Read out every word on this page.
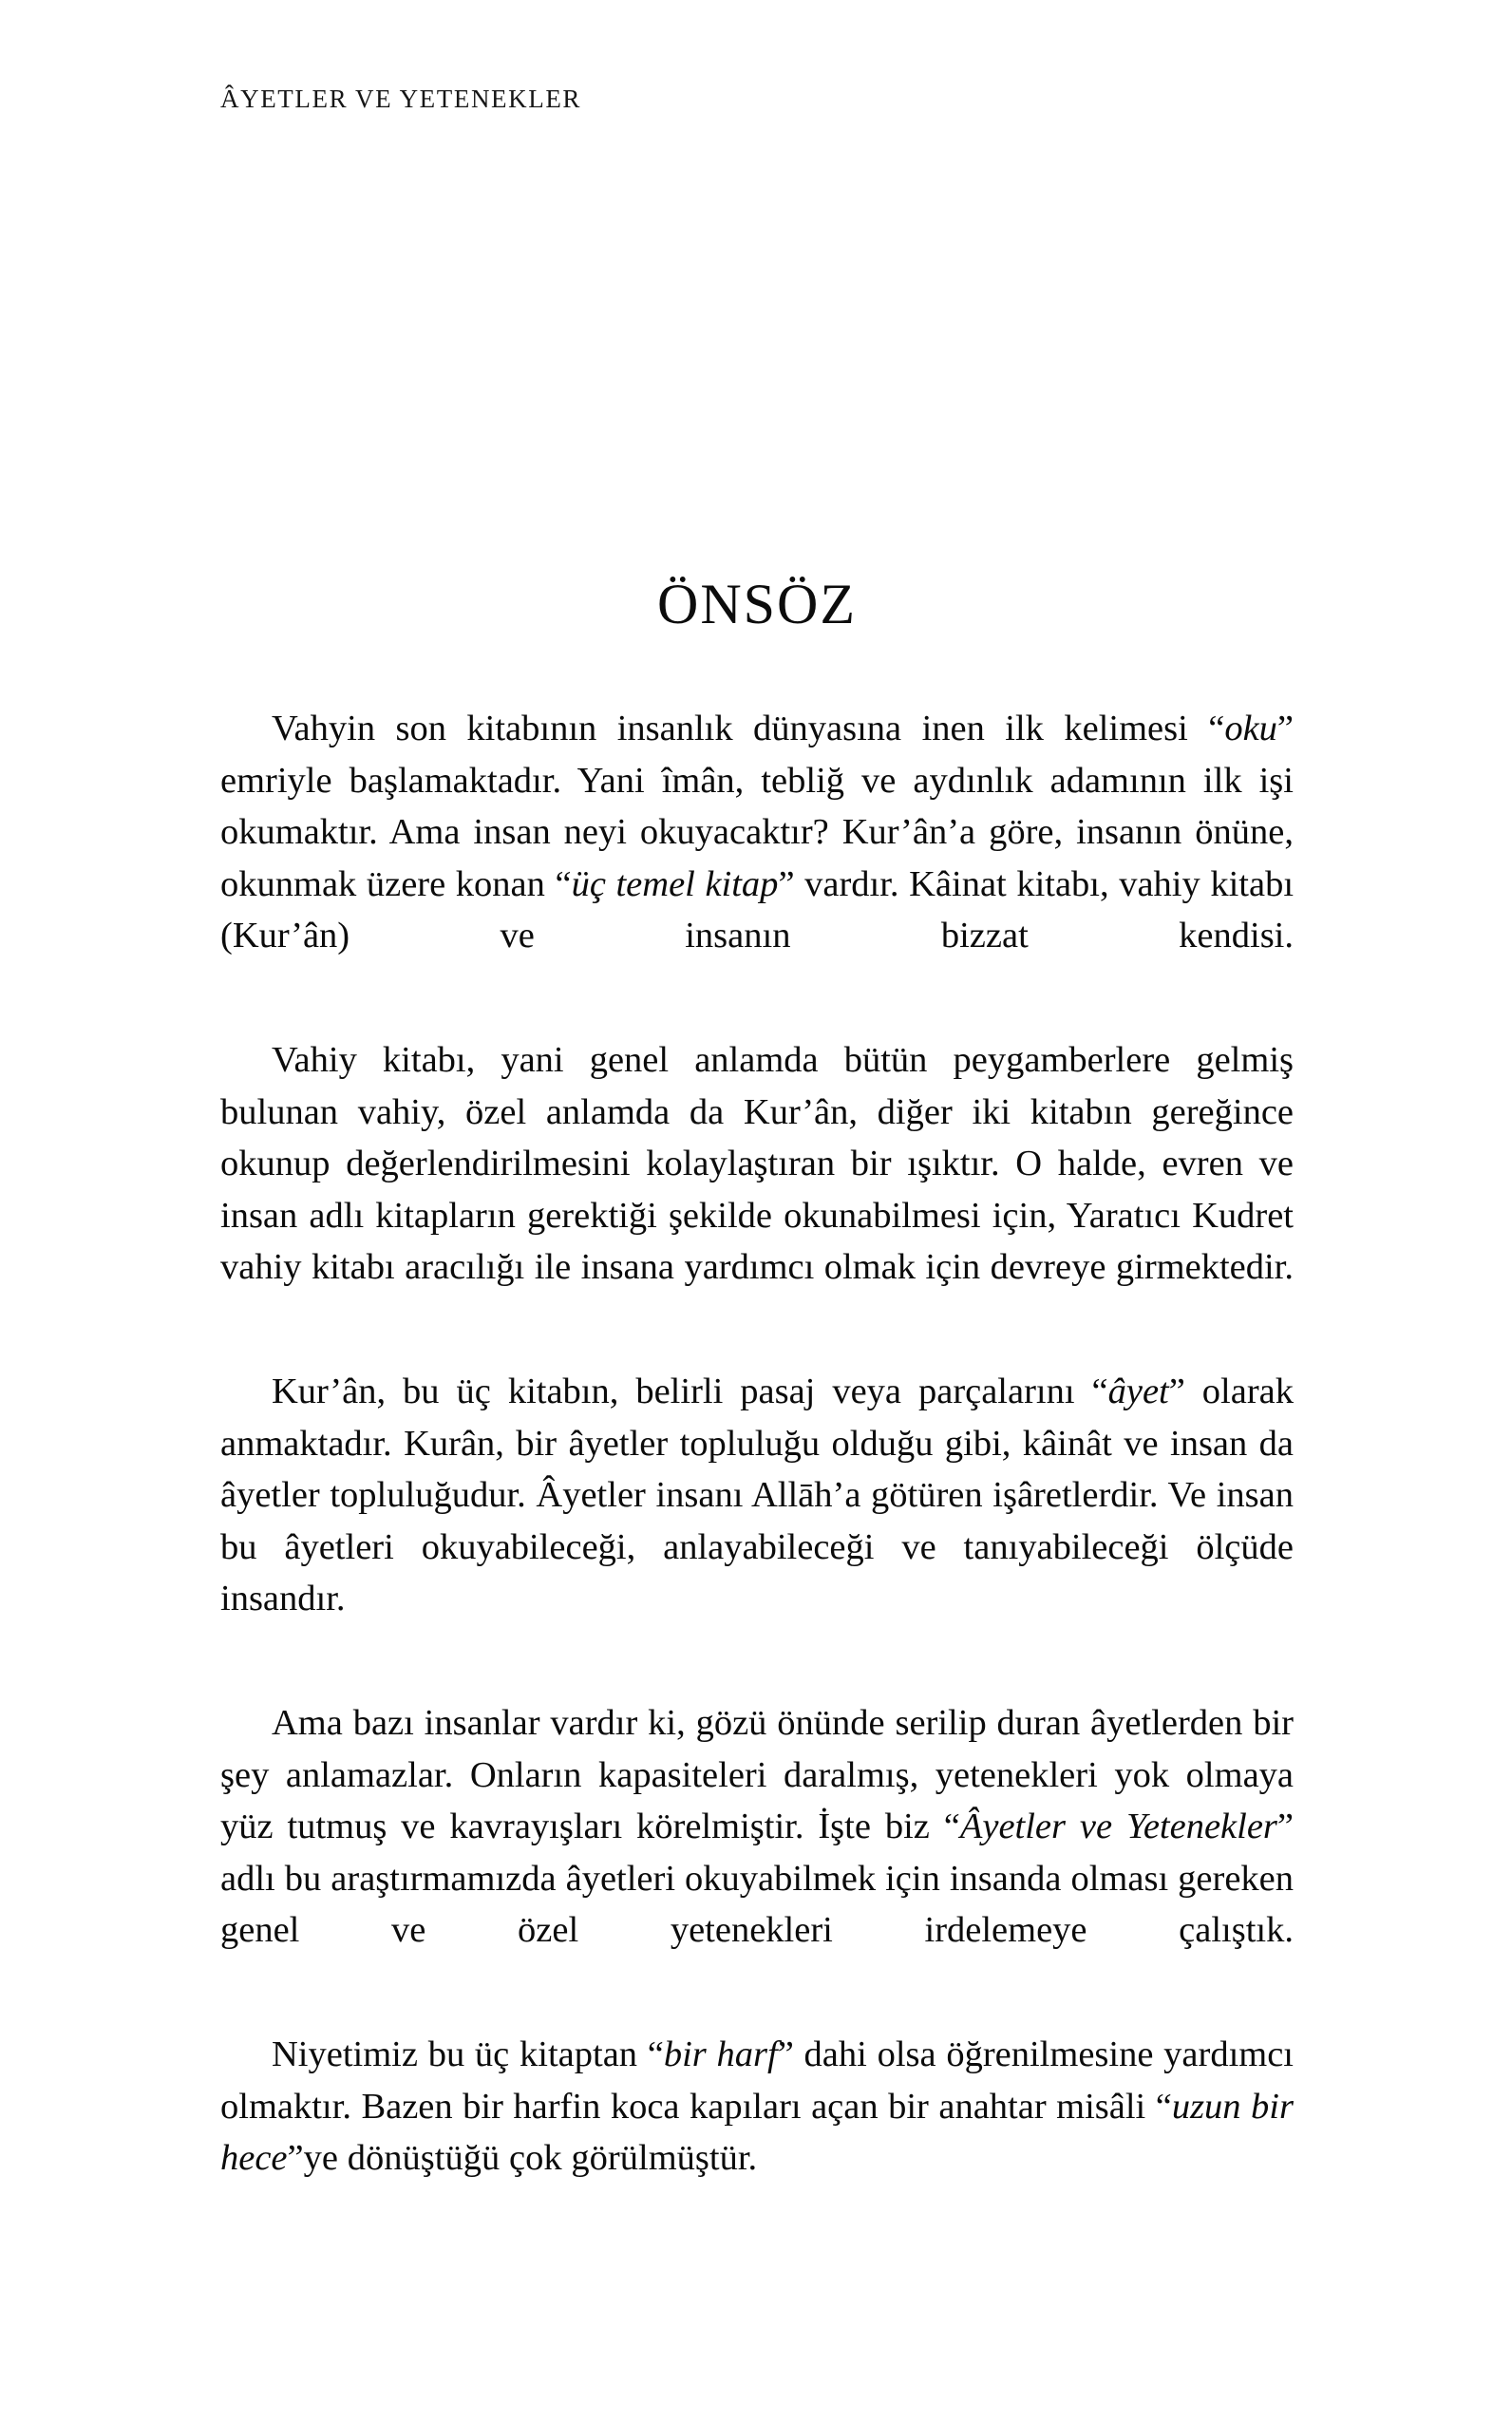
ÂYETLER VE YETENEKLER
ÖNSÖZ

Vahyin son kitabının insanlık dünyasına inen ilk kelimesi “oku” emriyle başlamaktadır. Yani îmân, tebliğ ve aydınlık adamının ilk işi okumaktır. Ama insan neyi okuyacaktır? Kur’ân’a göre, insanın önüne, okunmak üzere konan “üç temel kitap” vardır. Kâinat kitabı, vahiy kitabı (Kur’ân) ve insanın bizzat kendisi.

Vahiy kitabı, yani genel anlamda bütün peygamberlere gelmiş bulunan vahiy, özel anlamda da Kur’ân, diğer iki kitabın gereğince okunup değerlendirilmesini kolaylaştıran bir ışıktır. O halde, evren ve insan adlı kitapların gerektiği şekilde okunabilmesi için, Yaratıcı Kudret vahiy kitabı aracılığı ile insana yardımcı olmak için devreye girmektedir.

Kur’ân, bu üç kitabın, belirli pasaj veya parçalarını “âyet” olarak anmaktadır. Kurân, bir âyetler topluluğu olduğu gibi, kâinât ve insan da âyetler topluluğudur. Âyetler insanı Allāh’a götüren işâretlerdir. Ve insan bu âyetleri okuyabileceği, anlayabileceği ve tanıyabileceği ölçüde insandır.

Ama bazı insanlar vardır ki, gözü önünde serilip duran âyetlerden bir şey anlamazlar. Onların kapasiteleri daralmış, yetenekleri yok olmaya yüz tutmuş ve kavrayışları körelmiştir. İşte biz “Âyetler ve Yetenekler” adlı bu araştırmamızda âyetleri okuyabilmek için insanda olması gereken genel ve özel yetenekleri irdelemeye çalıştık.

Niyetimiz bu üç kitaptan “bir harf” dahi olsa öğrenilmesine yardımcı olmaktır. Bazen bir harfin koca kapıları açan bir anahtar misâli “uzun bir hece”ye dönüştüğü çok görülmüştür.
